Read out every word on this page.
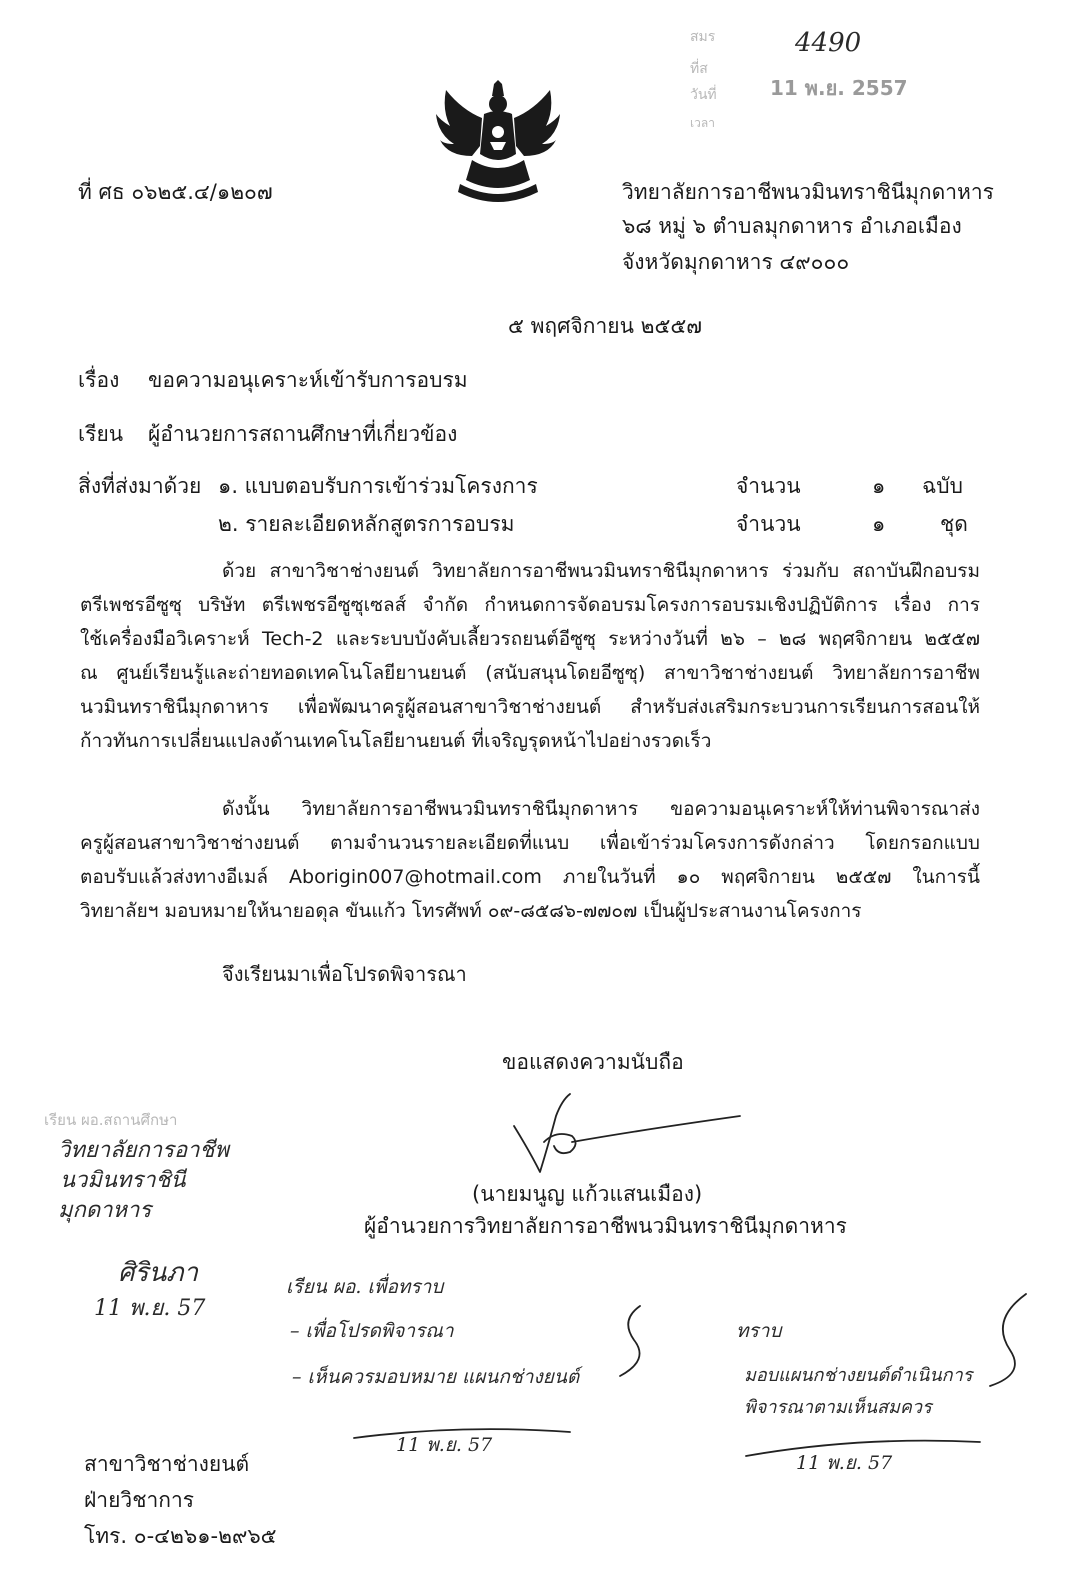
สมร
ที่ส
วันที่
เวลา
4490
11 พ.ย. 2557
ที่ ศธ ๐๖๒๕.๔/๑๒๐๗	วิทยาลัยการอาชีพนวมินทราชินีมุกดาหาร
๖๘ หมู่ ๖ ตำบลมุกดาหาร อำเภอเมือง
จังหวัดมุกดาหาร ๔๙๐๐๐
๕ พฤศจิกายน ๒๕๕๗
เรื่อง ขอความอนุเคราะห์เข้ารับการอบรม
เรียน ผู้อำนวยการสถานศึกษาที่เกี่ยวข้อง
สิ่งที่ส่งมาด้วย ๑. แบบตอบรับการเข้าร่วมโครงการ	จำนวน	๑ ฉบับ
๒. รายละเอียดหลักสูตรการอบรม	จำนวน	๑	ชุด
ด้วย สาขาวิชาช่างยนต์ วิทยาลัยการอาชีพนวมินทราชินีมุกดาหาร ร่วมกับ สถาบันฝึกอบรม
ตรีเพชรอีซูซุ บริษัท ตรีเพชรอีซูซุเซลส์ จำกัด กำหนดการจัดอบรมโครงการอบรมเชิงปฏิบัติการ เรื่อง การ
ใช้เครื่องมือวิเคราะห์ Tech-2 และระบบบังคับเลี้ยวรถยนต์อีซูซุ ระหว่างวันที่ ๒๖ – ๒๘ พฤศจิกายน ๒๕๕๗
ณ ศูนย์เรียนรู้และถ่ายทอดเทคโนโลยียานยนต์ (สนับสนุนโดยอีซูซุ) สาขาวิชาช่างยนต์ วิทยาลัยการอาชีพ
นวมินทราชินีมุกดาหาร เพื่อพัฒนาครูผู้สอนสาขาวิชาช่างยนต์ สำหรับส่งเสริมกระบวนการเรียนการสอนให้
ก้าวทันการเปลี่ยนแปลงด้านเทคโนโลยียานยนต์ ที่เจริญรุดหน้าไปอย่างรวดเร็ว
ดังนั้น วิทยาลัยการอาชีพนวมินทราชินีมุกดาหาร ขอความอนุเคราะห์ให้ท่านพิจารณาส่ง
ครูผู้สอนสาขาวิชาช่างยนต์ ตามจำนวนรายละเอียดที่แนบ เพื่อเข้าร่วมโครงการดังกล่าว โดยกรอกแบบ
ตอบรับแล้วส่งทางอีเมล์ Aborigin007@hotmail.com ภายในวันที่ ๑๐ พฤศจิกายน ๒๕๕๗ ในการนี้
วิทยาลัยฯ มอบหมายให้นายอดุล ขันแก้ว โทรศัพท์ ๐๙-๘๕๘๖-๗๗๐๗ เป็นผู้ประสานงานโครงการ
จึงเรียนมาเพื่อโปรดพิจารณา
ขอแสดงความนับถือ
(นายมนูญ แก้วแสนเมือง)
ผู้อำนวยการวิทยาลัยการอาชีพนวมินทราชินีมุกดาหาร
เรียน ผอ.สถานศึกษา
วิทยาลัยการอาชีพ
นวมินทราชินี
มุกดาหาร
ศิรินภา
11 พ.ย. 57
เรียน ผอ. เพื่อทราบ
– เพื่อโปรดพิจารณา
– เห็นควรมอบหมาย แผนกช่างยนต์
11 พ.ย. 57
ทราบ
มอบแผนกช่างยนต์ดำเนินการ
พิจารณาตามเห็นสมควร
11 พ.ย. 57
สาขาวิชาช่างยนต์
ฝ่ายวิชาการ
โทร. ๐-๔๒๖๑-๒๙๖๕
